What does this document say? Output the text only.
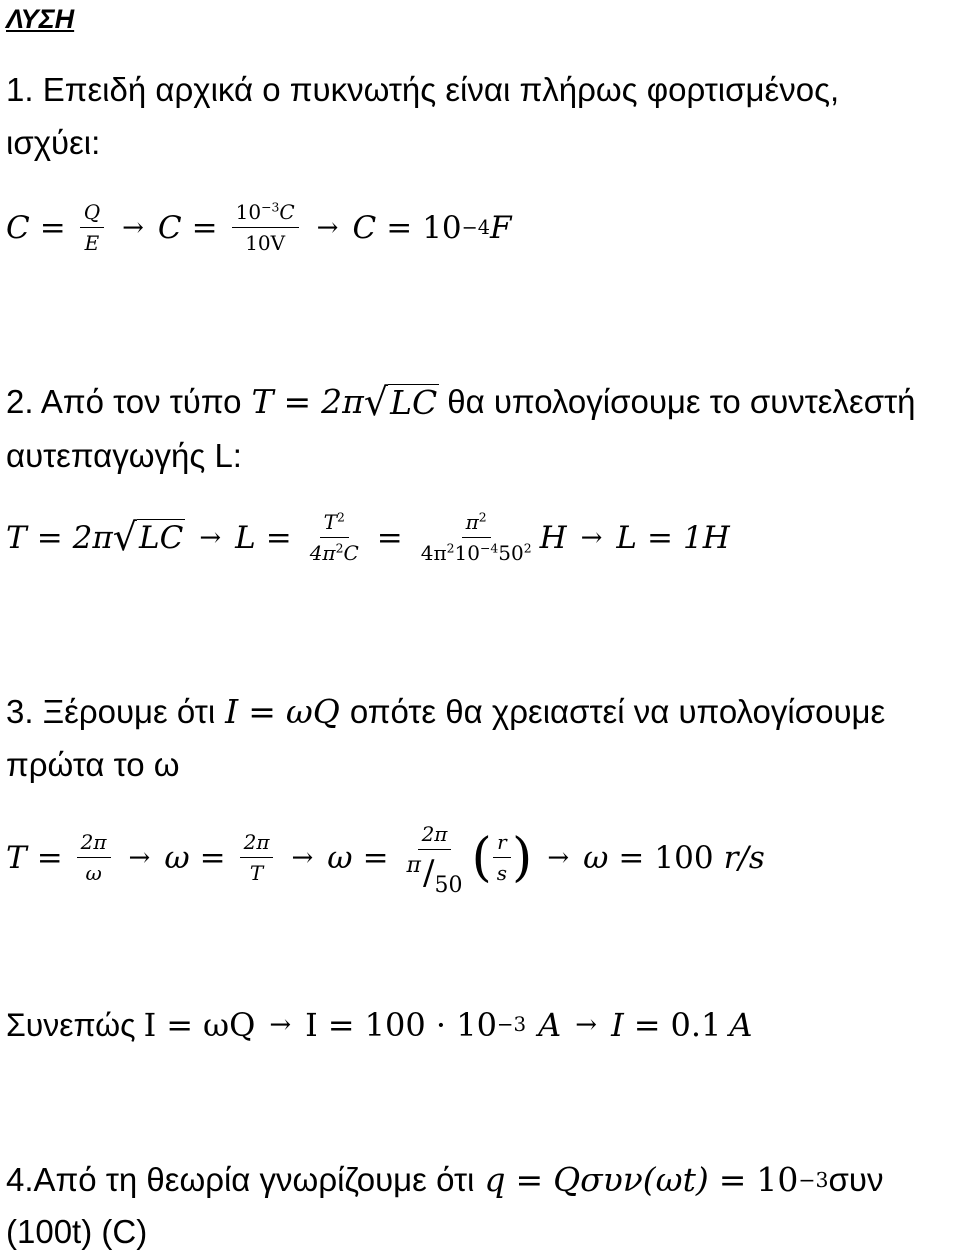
ΛΥΣΗ
1. Επειδή αρχικά ο πυκνωτής είναι πλήρως φορτισμένος,
ισχύει:
$C = \frac{Q}{E} \to C = \frac{10^{-3}C}{10V} \to C = 10 -4$ F
2. Από τον τύπο T = 2π √ LC θα υπολογίσουμε το συντελεστή
αυτεπαγωγής L:
T = 2π √ LC → $L = \frac{T^2}{4\pi^2C} = \frac{\pi^2}{4\pi^210^{-4}50^2}$ H → L = 1H
3. Ξέρουμε ότι I = ωQ οπότε θα χρειαστεί να υπολογίσουμε
πρώτα το ω
$T = \frac{2\pi}{\omega} \to \omega = \frac{2\pi}{T} \to \omega = \frac{2\pi}{\pi / 50}$ ( $\frac{r}{s}$ ) → ω = 100 r/s
Συνεπώς I = ωQ → I = 100 · 10 −3 A → I = 0.1 A
4.Από τη θεωρία γνωρίζουμε ότι q = Qσυν(ωt) = 10 −3 συν
(100t) (C)
